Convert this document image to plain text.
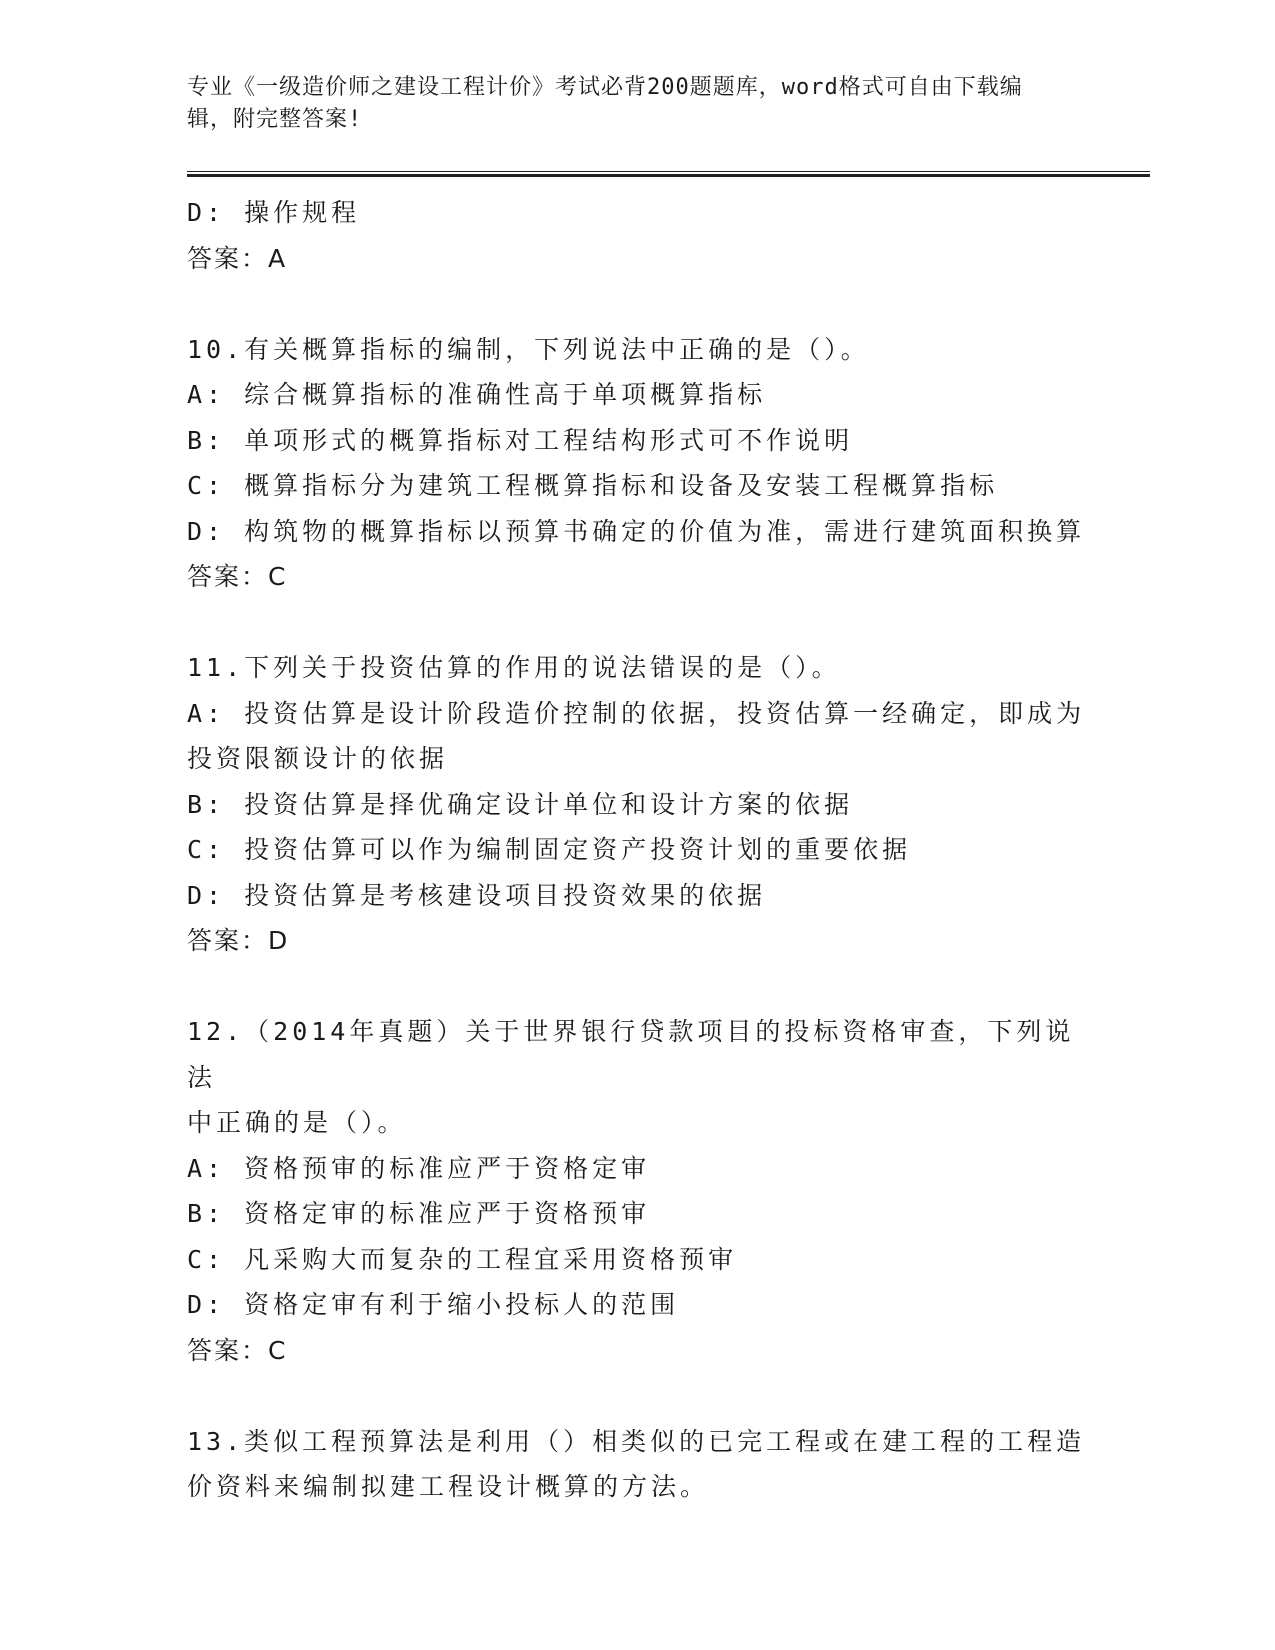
专业《一级造价师之建设工程计价》考试必背200题题库，word格式可自由下载编辑，附完整答案!
D: 操作规程
答案：A
10.有关概算指标的编制，下列说法中正确的是（）。
A: 综合概算指标的准确性高于单项概算指标
B: 单项形式的概算指标对工程结构形式可不作说明
C: 概算指标分为建筑工程概算指标和设备及安装工程概算指标
D: 构筑物的概算指标以预算书确定的价值为准，需进行建筑面积换算
答案：C
11.下列关于投资估算的作用的说法错误的是（）。
A: 投资估算是设计阶段造价控制的依据，投资估算一经确定，即成为
投资限额设计的依据
B: 投资估算是择优确定设计单位和设计方案的依据
C: 投资估算可以作为编制固定资产投资计划的重要依据
D: 投资估算是考核建设项目投资效果的依据
答案：D
12.（2014年真题）关于世界银行贷款项目的投标资格审查，下列说法
中正确的是（）。
A: 资格预审的标准应严于资格定审
B: 资格定审的标准应严于资格预审
C: 凡采购大而复杂的工程宜采用资格预审
D: 资格定审有利于缩小投标人的范围
答案：C
13.类似工程预算法是利用（）相类似的已完工程或在建工程的工程造
价资料来编制拟建工程设计概算的方法。
